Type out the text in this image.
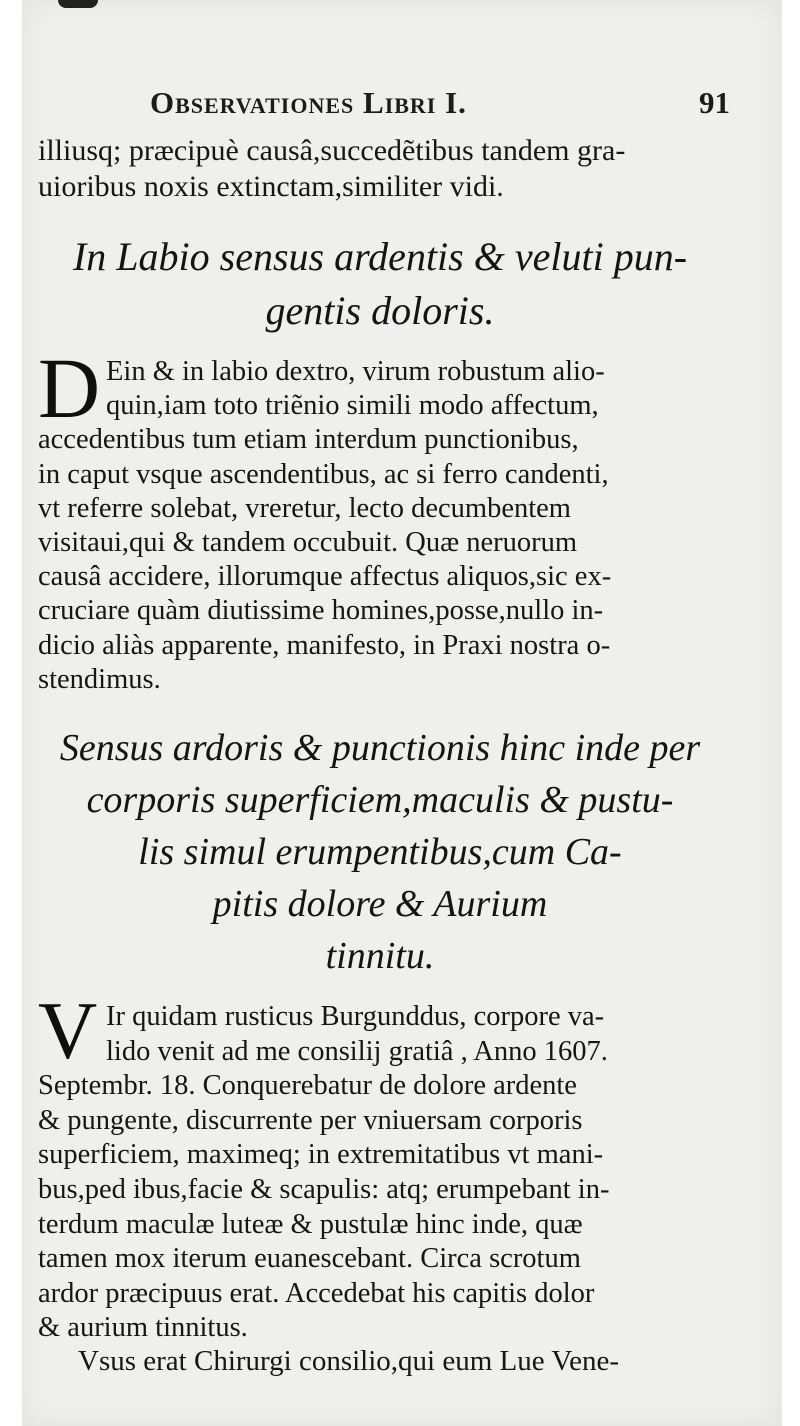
Observationes Libri I.	91
illiusq; præcipuè causâ,succedẽtibus tandem gra-
uioribus noxis extinctam,similiter vidi.
In Labio sensus ardentis & veluti pun-
gentis doloris.
D Ein & in labio dextro, virum robustum alio-
quin,iam toto triẽnio simili modo affectum,
accedentibus tum etiam interdum punctionibus,
in caput vsque ascendentibus, ac si ferro candenti,
vt referre solebat, vreretur, lecto decumbentem
visitaui,qui & tandem occubuit. Quæ neruorum
causâ accidere, illorumque affectus aliquos,sic ex-
cruciare quàm diutissime homines,posse,nullo in-
dicio aliàs apparente, manifesto, in Praxi nostra o-
stendimus.
Sensus ardoris & punctionis hinc inde per
corporis superficiem,maculis & pustu-
lis simul erumpentibus,cum Ca-
pitis dolore & Aurium
tinnitu.
V Ir quidam rusticus Burgunddus, corpore va-
lido venit ad me consilij gratiâ , Anno 1607.
Septembr. 18. Conquerebatur de dolore ardente
& pungente, discurrente per vniuersam corporis
superficiem, maximeq; in extremitatibus vt mani-
bus,ped ibus,facie & scapulis: atq; erumpebant in-
terdum maculæ luteæ & pustulæ hinc inde, quæ
tamen mox iterum euanescebant. Circa scrotum
ardor præcipuus erat. Accedebat his capitis dolor
& aurium tinnitus.
Vsus erat Chirurgi consilio,qui eum Lue Vene-
